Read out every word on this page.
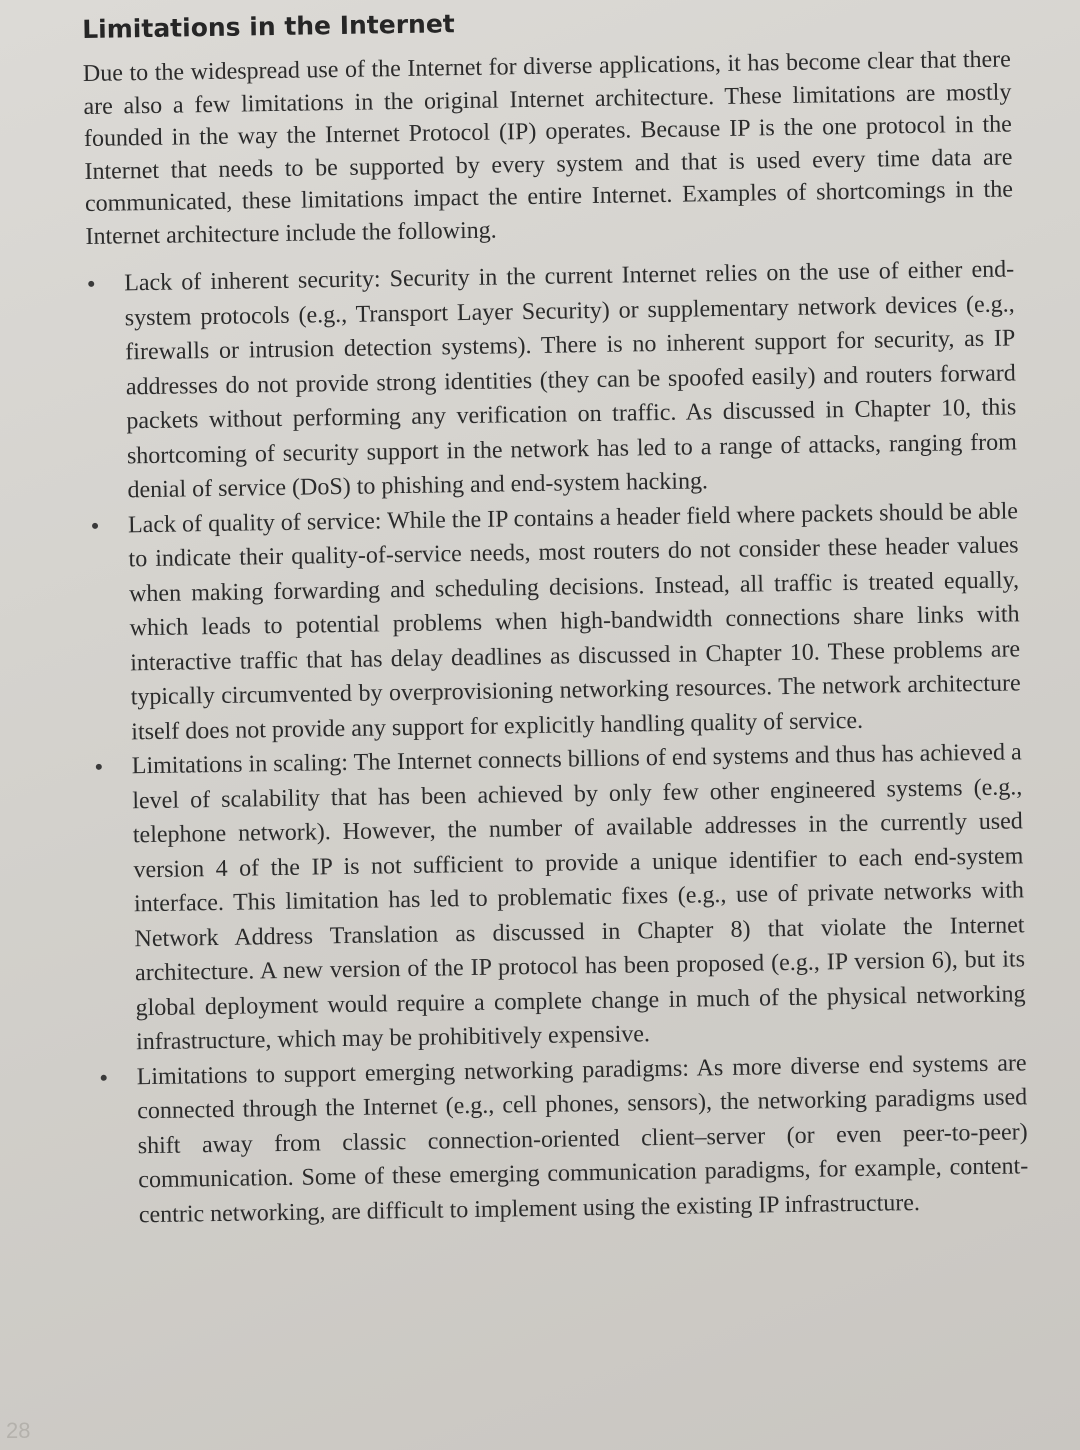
Limitations in the Internet

Due to the widespread use of the Internet for diverse applications, it has become clear that there are also a few limitations in the original Internet architecture. These limitations are mostly founded in the way the Internet Protocol (IP) operates. Because IP is the one protocol in the Internet that needs to be supported by every system and that is used every time data are communicated, these limitations impact the entire Internet. Examples of shortcomings in the Internet architecture include the following.

Lack of inherent security: Security in the current Internet relies on the use of either end-system protocols (e.g., Transport Layer Security) or supplementary network devices (e.g., firewalls or intrusion detection systems). There is no inherent support for security, as IP addresses do not provide strong identities (they can be spoofed easily) and routers forward packets without performing any verification on traffic. As discussed in Chapter 10, this shortcoming of security support in the network has led to a range of attacks, ranging from denial of service (DoS) to phishing and end-system hacking.
Lack of quality of service: While the IP contains a header field where packets should be able to indicate their quality-of-service needs, most routers do not consider these header values when making forwarding and scheduling decisions. Instead, all traffic is treated equally, which leads to potential problems when high-bandwidth connections share links with interactive traffic that has delay deadlines as discussed in Chapter 10. These problems are typically circumvented by overprovisioning networking resources. The network architecture itself does not provide any support for explicitly handling quality of service.
Limitations in scaling: The Internet connects billions of end systems and thus has achieved a level of scalability that has been achieved by only few other engineered systems (e.g., telephone network). However, the number of available addresses in the currently used version 4 of the IP is not sufficient to provide a unique identifier to each end-system interface. This limitation has led to problematic fixes (e.g., use of private networks with Network Address Translation as discussed in Chapter 8) that violate the Internet architecture. A new version of the IP protocol has been proposed (e.g., IP version 6), but its global deployment would require a complete change in much of the physical networking infrastructure, which may be prohibitively expensive.
Limitations to support emerging networking paradigms: As more diverse end systems are connected through the Internet (e.g., cell phones, sensors), the networking paradigms used shift away from classic connection-oriented client–server (or even peer-to-peer) communication. Some of these emerging communication paradigms, for example, content-centric networking, are difficult to implement using the existing IP infrastructure.
28
